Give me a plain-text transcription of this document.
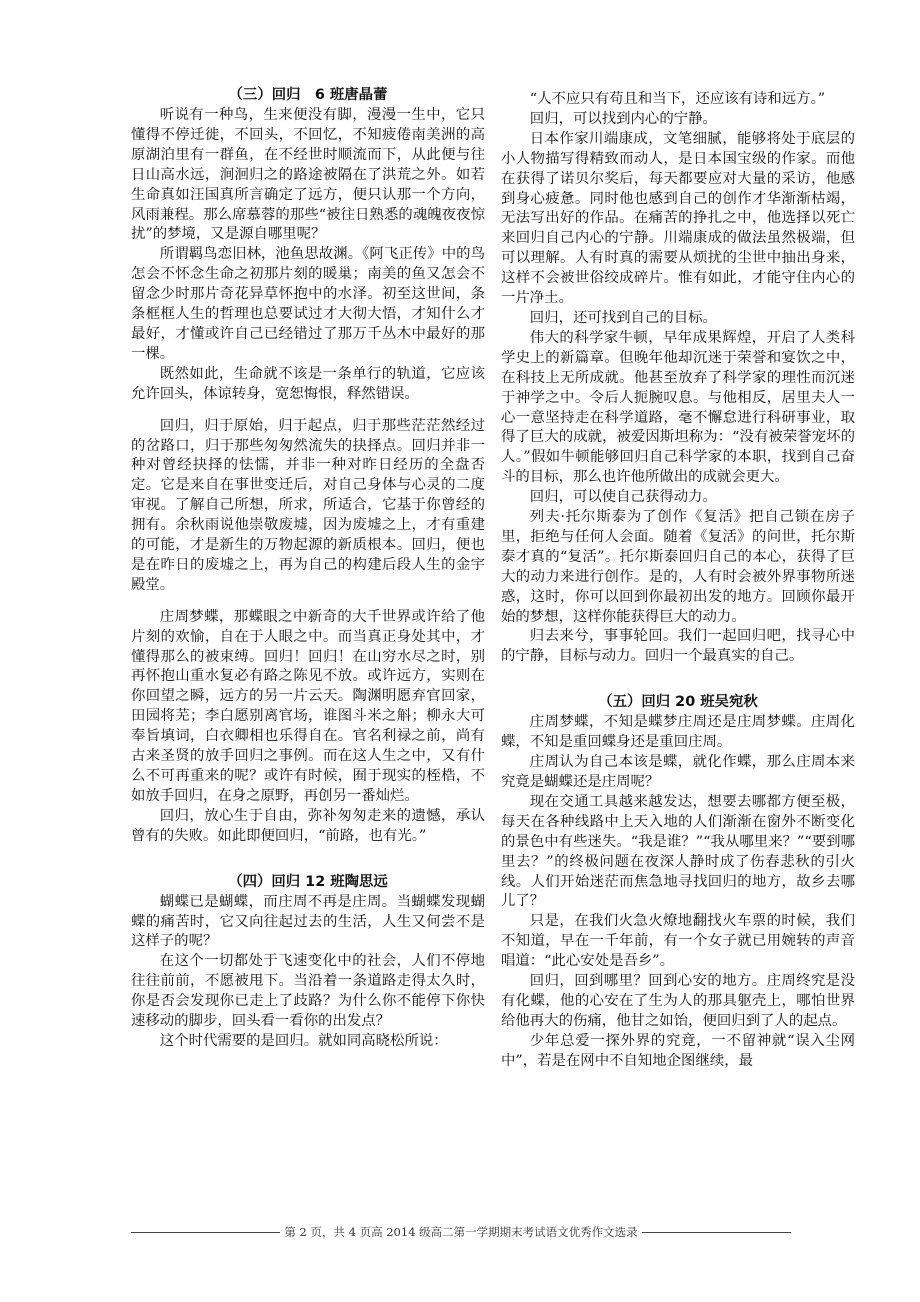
（三）回归　6 班唐晶蕾

听说有一种鸟，生来便没有脚，漫漫一生中，它只懂得不停迁徙，不回头，不回忆，不知疲倦南美洲的高原湖泊里有一群鱼，在不经世时顺流而下，从此便与往日山高水远，涧洄归之的路途被隔在了洪荒之外。如若生命真如汪国真所言确定了远方，便只认那一个方向，风雨兼程。那么席慕蓉的那些“被往日熟悉的魂魄夜夜惊扰”的梦境，又是源自哪里呢？

所谓羁鸟恋旧林，池鱼思故渊。《阿飞正传》中的鸟怎会不怀念生命之初那片刻的暖巢；南美的鱼又怎会不留念少时那片奇花异草怀抱中的水泽。初至这世间，条条框框人生的哲理也总要试过才大彻大悟，才知什么才最好，才懂或许自己已经错过了那万千丛木中最好的那一棵。

既然如此，生命就不该是一条单行的轨道，它应该允许回头，体谅转身，宽恕悔恨，释然错误。

回归，归于原始，归于起点，归于那些茫茫然经过的岔路口，归于那些匆匆然流失的抉择点。回归并非一种对曾经抉择的怯懦，并非一种对昨日经历的全盘否定。它是来自在事世变迁后，对自己身体与心灵的二度审视。了解自己所想，所求，所适合，它基于你曾经的拥有。余秋雨说他崇敬废墟，因为废墟之上，才有重建的可能，才是新生的万物起源的新质根本。回归，便也是在昨日的废墟之上，再为自己的构建后段人生的金宇殿堂。

庄周梦蝶，那蝶眼之中新奇的大千世界或许给了他片刻的欢愉，自在于人眼之中。而当真正身处其中，才懂得那么的被束缚。回归！回归！在山穷水尽之时，别再怀抱山重水复必有路之陈见不放。或许远方，实则在你回望之瞬，远方的另一片云天。陶渊明愿弃官回家，田园将芜；李白愿别离官场，谁图斗米之斛；柳永大可奉旨填词，白衣卿相也乐得自在。官名利禄之前，尚有古来圣贤的放手回归之事例。而在这人生之中，又有什么不可再重来的呢？或许有时候，囿于现实的桎梏，不如放手回归，在身之原野，再创另一番灿烂。

回归，放心生于自由，弥补匆匆走来的遗憾，承认曾有的失败。如此即便回归，“前路，也有光。”

（四）回归 12 班陶思远

蝴蝶已是蝴蝶，而庄周不再是庄周。当蝴蝶发现蝴蝶的痛苦时，它又向往起过去的生活，人生又何尝不是这样子的呢？

在这个一切都处于飞速变化中的社会，人们不停地往往前前，不愿被甩下。当沿着一条道路走得太久时，你是否会发现你已走上了歧路？为什么你不能停下你快速移动的脚步，回头看一看你的出发点？

这个时代需要的是回归。就如同高晓松所说：

“人不应只有苟且和当下，还应该有诗和远方。”

回归，可以找到内心的宁静。

日本作家川端康成，文笔细腻，能够将处于底层的小人物描写得精致而动人，是日本国宝级的作家。而他在获得了诺贝尔奖后，每天都要应对大量的采访，他感到身心疲惫。同时他也感到自己的创作才华渐渐枯竭，无法写出好的作品。在痛苦的挣扎之中，他选择以死亡来回归自己内心的宁静。川端康成的做法虽然极端，但可以理解。人有时真的需要从烦扰的尘世中抽出身来，这样不会被世俗绞成碎片。惟有如此，才能守住内心的一片净土。

回归，还可找到自己的目标。

伟大的科学家牛顿，早年成果辉煌，开启了人类科学史上的新篇章。但晚年他却沉迷于荣誉和宴饮之中，在科技上无所成就。他甚至放弃了科学家的理性而沉迷于神学之中。令后人扼腕叹息。与他相反，居里夫人一心一意坚持走在科学道路，毫不懈怠进行科研事业，取得了巨大的成就，被爱因斯坦称为：“没有被荣誉宠坏的人。”假如牛顿能够回归自己科学家的本职，找到自己奋斗的目标，那么也许他所做出的成就会更大。

回归，可以使自己获得动力。

列夫·托尔斯泰为了创作《复活》把自己锁在房子里，拒绝与任何人会面。随着《复活》的问世，托尔斯泰才真的“复活”。托尔斯泰回归自己的本心，获得了巨大的动力来进行创作。是的，人有时会被外界事物所迷惑，这时，你可以回到你最初出发的地方。回顾你最开始的梦想，这样你能获得巨大的动力。

归去来兮，事事轮回。我们一起回归吧，找寻心中的宁静，目标与动力。回归一个最真实的自己。

（五）回归 20 班吴宛秋

庄周梦蝶，不知是蝶梦庄周还是庄周梦蝶。庄周化蝶，不知是重回蝶身还是重回庄周。

庄周认为自己本该是蝶，就化作蝶，那么庄周本来究竟是蝴蝶还是庄周呢？

现在交通工具越来越发达，想要去哪都方便至极，每天在各种线路中上天入地的人们渐渐在窗外不断变化的景色中有些迷失。“我是谁？”“我从哪里来？”“要到哪里去？”的终极问题在夜深人静时成了伤春悲秋的引火线。人们开始迷茫而焦急地寻找回归的地方，故乡去哪儿了？

只是，在我们火急火燎地翻找火车票的时候，我们不知道，早在一千年前，有一个女子就已用婉转的声音唱道：“此心安处是吾乡”。

回归，回到哪里？回到心安的地方。庄周终究是没有化蝶，他的心安在了生为人的那具躯壳上，哪怕世界给他再大的伤痛，他甘之如饴，便回归到了人的起点。

少年总爱一探外界的究竟，一不留神就“误入尘网中”，若是在网中不自知地企图继续，最

第 2 页，共 4 页高 2014 级高二第一学期期末考试语文优秀作文选录
